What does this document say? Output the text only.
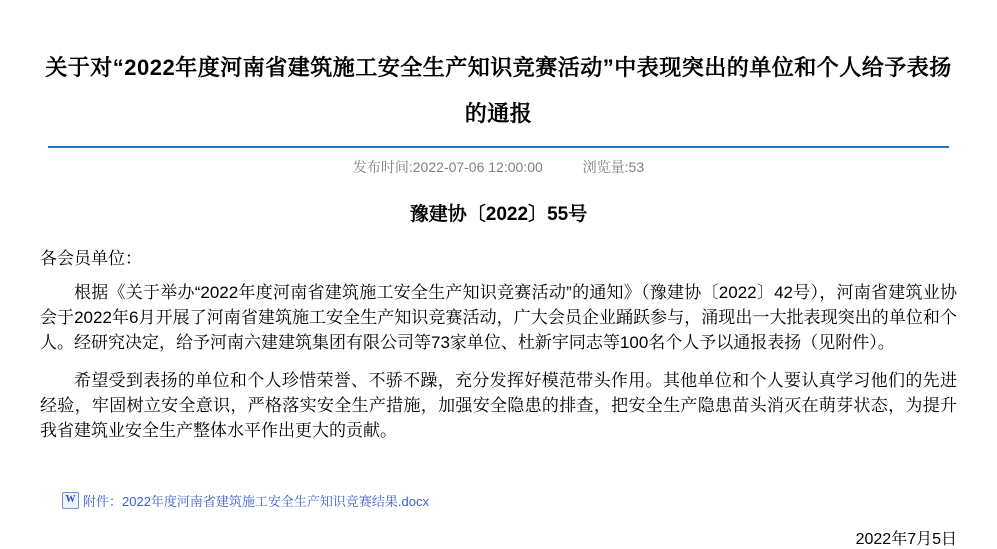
关于对“2022年度河南省建筑施工安全生产知识竞赛活动”中表现突出的单位和个人给予表扬的通报
发布时间:2022-07-06 12:00:00	浏览量:53
豫建协〔2022〕55号

各会员单位：

根据《关于举办“2022年度河南省建筑施工安全生产知识竞赛活动”的通知》（豫建协〔2022〕42号），河南省建筑业协会于2022年6月开展了河南省建筑施工安全生产知识竞赛活动，广大会员企业踊跃参与，涌现出一大批表现突出的单位和个人。经研究决定，给予河南六建建筑集团有限公司等73家单位、杜新宇同志等100名个人予以通报表扬（见附件）。

希望受到表扬的单位和个人珍惜荣誉、不骄不躁，充分发挥好模范带头作用。其他单位和个人要认真学习他们的先进经验，牢固树立安全意识，严格落实安全生产措施，加强安全隐患的排查，把安全生产隐患苗头消灭在萌芽状态，为提升我省建筑业安全生产整体水平作出更大的贡献。

W 附件：2022年度河南省建筑施工安全生产知识竞赛结果.docx
2022年7月5日
